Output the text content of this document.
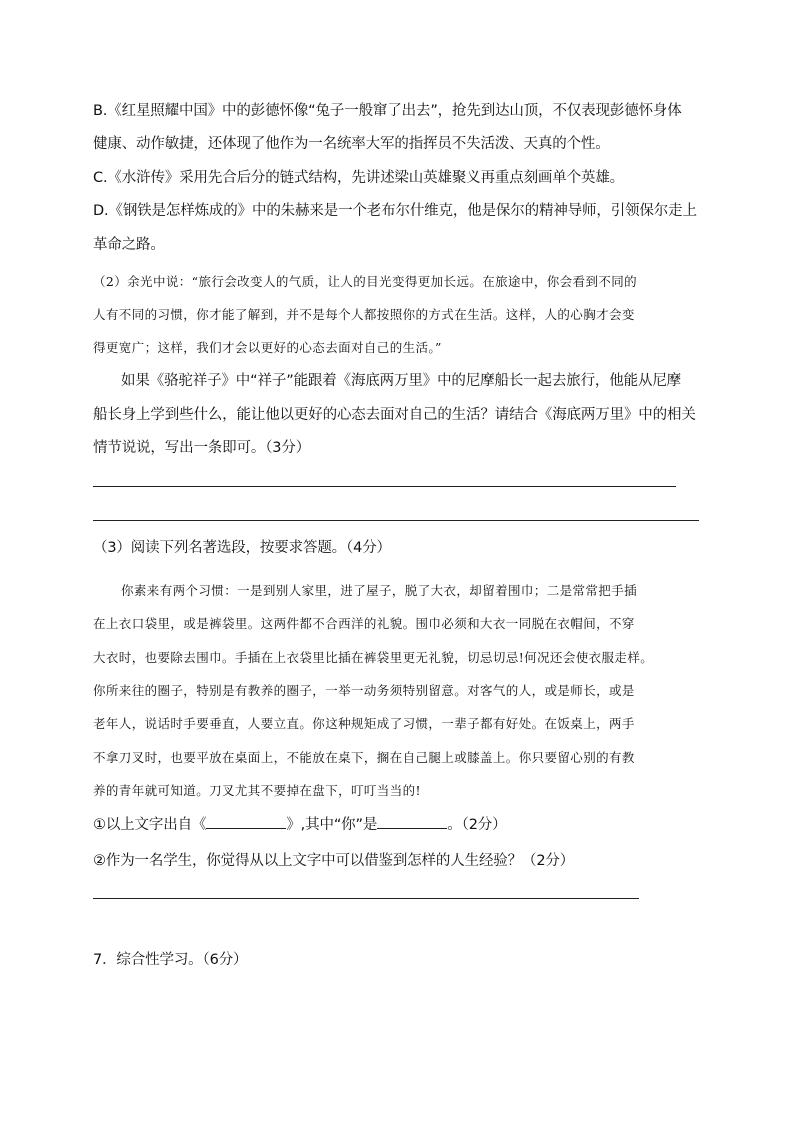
B.《红星照耀中国》中的彭德怀像“兔子一般窜了出去”，抢先到达山顶，不仅表现彭德怀身体
健康、动作敏捷，还体现了他作为一名统率大军的指挥员不失活泼、天真的个性。
C.《水浒传》采用先合后分的链式结构，先讲述梁山英雄聚义再重点刻画单个英雄。
D.《钢铁是怎样炼成的》中的朱赫来是一个老布尔什维克，他是保尔的精神导师，引领保尔走上
革命之路。
（2）余光中说：“旅行会改变人的气质，让人的目光变得更加长远。在旅途中，你会看到不同的
人有不同的习惯，你才能了解到，并不是每个人都按照你的方式在生活。这样，人的心胸才会变
得更宽广；这样，我们才会以更好的心态去面对自己的生活。”
如果《骆驼祥子》中“祥子”能跟着《海底两万里》中的尼摩船长一起去旅行，他能从尼摩
船长身上学到些什么，能让他以更好的心态去面对自己的生活？请结合《海底两万里》中的相关
情节说说，写出一条即可。（3分）
（3）阅读下列名著选段，按要求答题。（4分）
你素来有两个习惯：一是到别人家里，进了屋子，脱了大衣，却留着围巾；二是常常把手插
在上衣口袋里，或是裤袋里。这两件都不合西洋的礼貌。围巾必须和大衣一同脱在衣帽间，不穿
大衣时，也要除去围巾。手插在上衣袋里比插在裤袋里更无礼貌，切忌切忌!何况还会使衣服走样。
你所来往的圈子，特别是有教养的圈子，一举一动务须特别留意。对客气的人，或是师长，或是
老年人，说话时手要垂直，人要立直。你这种规矩成了习惯，一辈子都有好处。在饭桌上，两手
不拿刀叉时，也要平放在桌面上，不能放在桌下，搁在自己腿上或膝盖上。你只要留心别的有教
养的青年就可知道。刀叉尤其不要掉在盘下，叮叮当当的!
①以上文字出自《	》,其中“你”是	。（2分）
②作为一名学生，你觉得从以上文字中可以借鉴到怎样的人生经验？（2分）
7．综合性学习。（6分）
